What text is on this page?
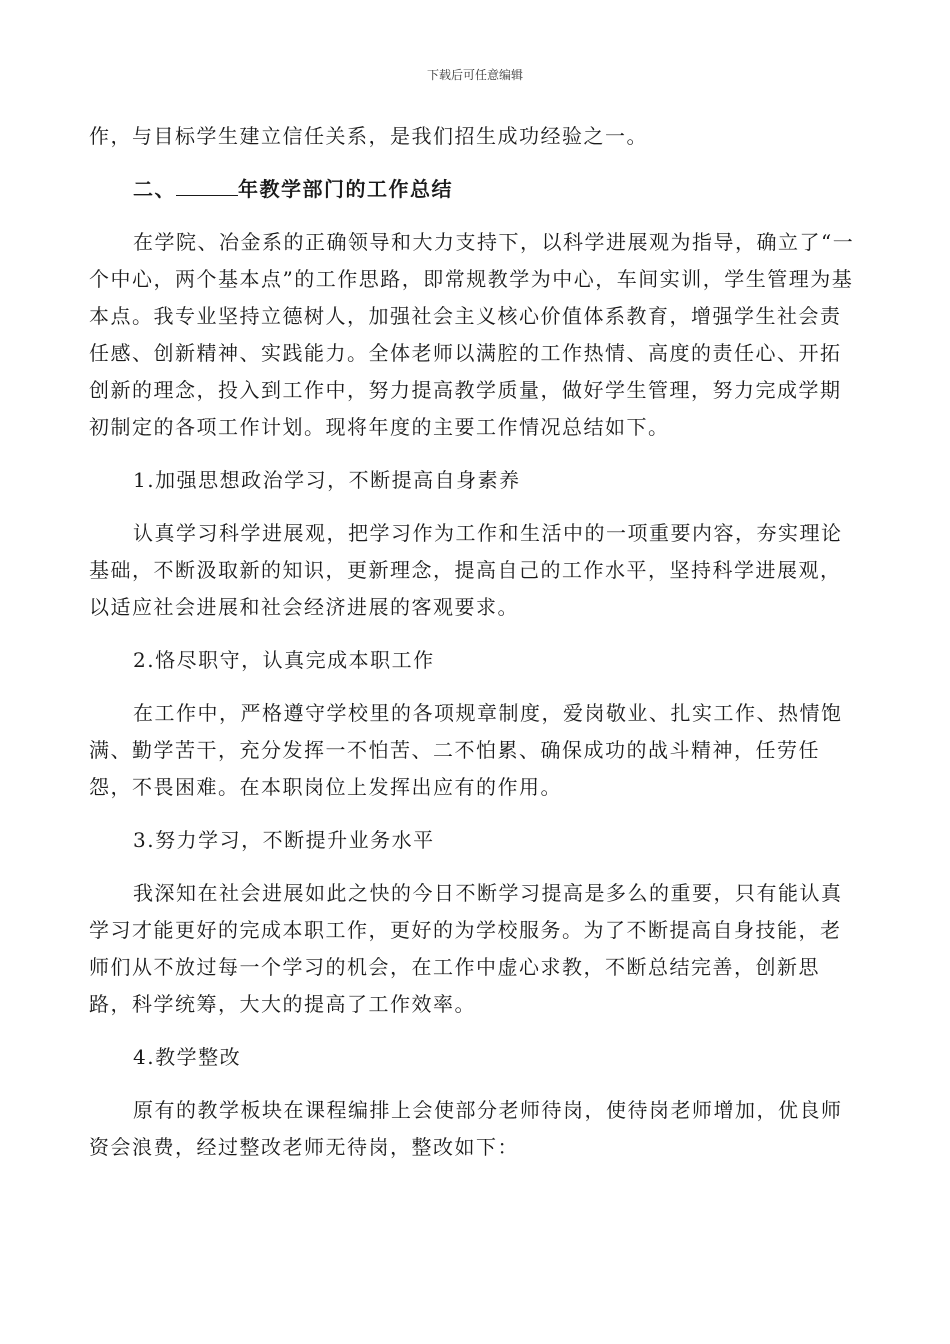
下载后可任意编辑

作，与目标学生建立信任关系，是我们招生成功经验之一。

二、	年教学部门的工作总结

在学院、冶金系的正确领导和大力支持下，以科学进展观为指导，确立了“一个中心，两个基本点”的工作思路，即常规教学为中心，车间实训，学生管理为基本点。我专业坚持立德树人，加强社会主义核心价值体系教育，增强学生社会责任感、创新精神、实践能力。全体老师以满腔的工作热情、高度的责任心、开拓创新的理念，投入到工作中，努力提高教学质量，做好学生管理，努力完成学期初制定的各项工作计划。现将年度的主要工作情况总结如下。

1.加强思想政治学习，不断提高自身素养

认真学习科学进展观，把学习作为工作和生活中的一项重要内容，夯实理论基础，不断汲取新的知识，更新理念，提高自己的工作水平，坚持科学进展观，以适应社会进展和社会经济进展的客观要求。

2.恪尽职守，认真完成本职工作

在工作中，严格遵守学校里的各项规章制度，爱岗敬业、扎实工作、热情饱满、勤学苦干，充分发挥一不怕苦、二不怕累、确保成功的战斗精神，任劳任怨，不畏困难。在本职岗位上发挥出应有的作用。

3.努力学习，不断提升业务水平

我深知在社会进展如此之快的今日不断学习提高是多么的重要，只有能认真学习才能更好的完成本职工作，更好的为学校服务。为了不断提高自身技能，老师们从不放过每一个学习的机会，在工作中虚心求教，不断总结完善，创新思路，科学统筹，大大的提高了工作效率。

4.教学整改

原有的教学板块在课程编排上会使部分老师待岗，使待岗老师增加，优良师资会浪费，经过整改老师无待岗，整改如下：
